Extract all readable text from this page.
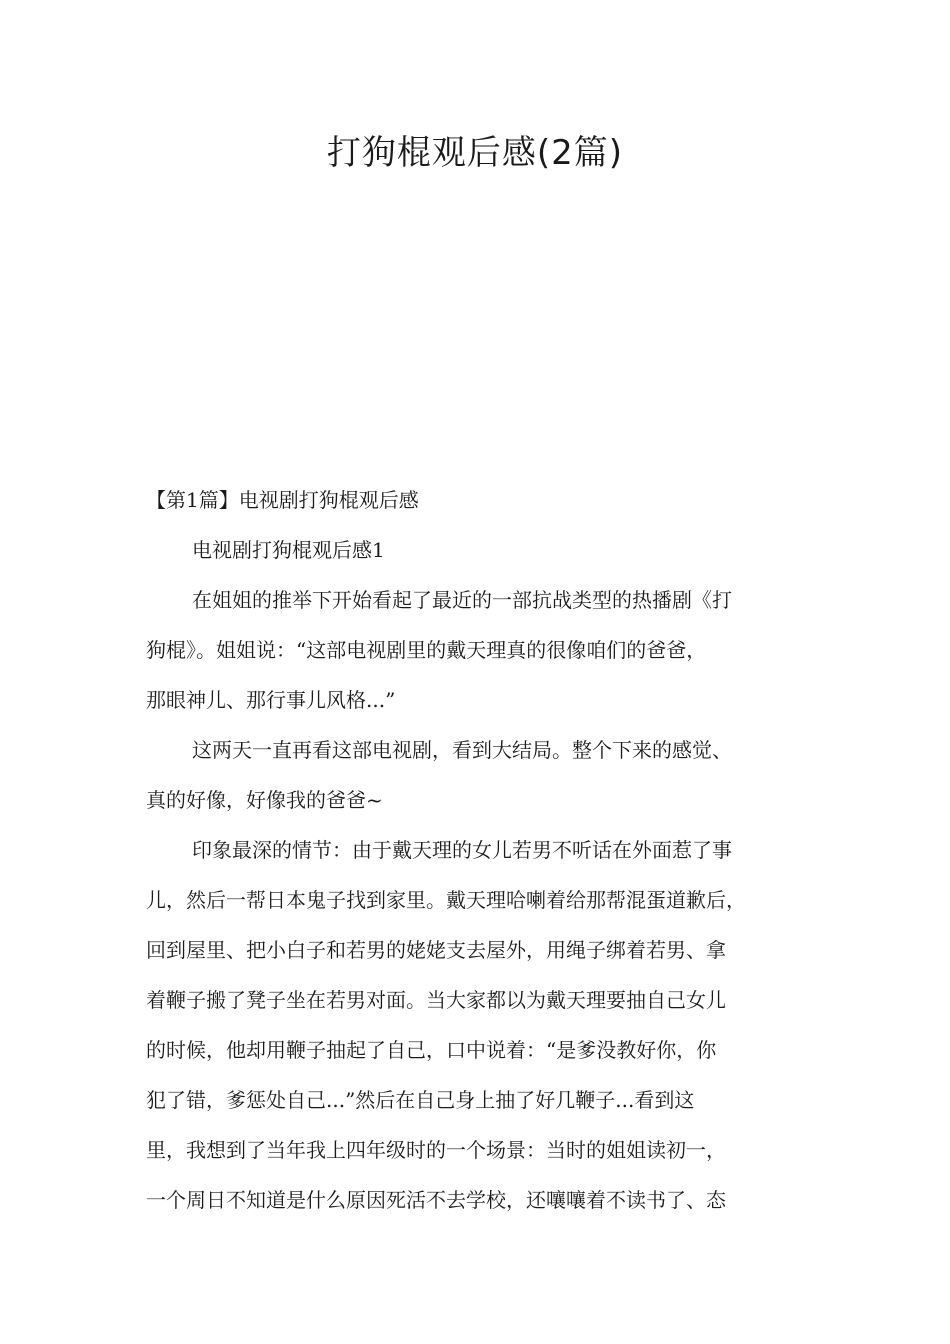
打狗棍观后感(2篇)
【第1篇】电视剧打狗棍观后感
电视剧打狗棍观后感1
在姐姐的推举下开始看起了最近的一部抗战类型的热播剧《打
狗棍》。姐姐说：“这部电视剧里的戴天理真的很像咱们的爸爸，
那眼神儿、那行事儿风格...”
这两天一直再看这部电视剧，看到大结局。整个下来的感觉、
真的好像，好像我的爸爸~
印象最深的情节：由于戴天理的女儿若男不听话在外面惹了事
儿，然后一帮日本鬼子找到家里。戴天理哈喇着给那帮混蛋道歉后，
回到屋里、把小白子和若男的姥姥支去屋外，用绳子绑着若男、拿
着鞭子搬了凳子坐在若男对面。当大家都以为戴天理要抽自己女儿
的时候，他却用鞭子抽起了自己，口中说着：“是爹没教好你，你
犯了错，爹惩处自己...”然后在自己身上抽了好几鞭子...看到这
里，我想到了当年我上四年级时的一个场景：当时的姐姐读初一，
一个周日不知道是什么原因死活不去学校，还嚷嚷着不读书了、态
